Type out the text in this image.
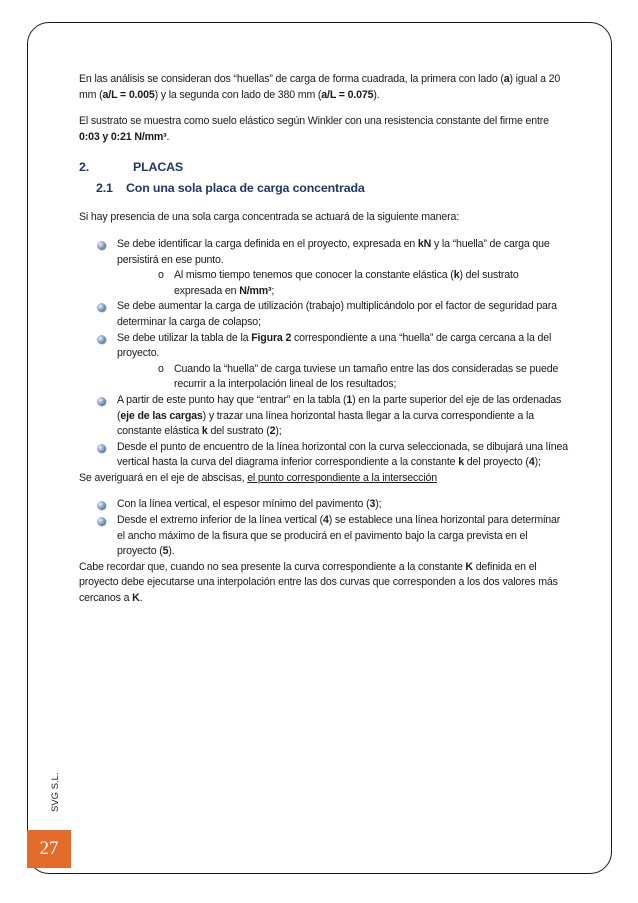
En las análisis se consideran dos “huellas” de carga de forma cuadrada, la primera con lado (a) igual a 20 mm (a/L = 0.005) y la segunda con lado de 380 mm (a/L = 0.075).

El sustrato se muestra como suelo elástico según Winkler con una resistencia constante del firme entre 0:03 y 0:21 N/mm³.

2.	PLACAS
2.1	Con una sola placa de carga concentrada

Si hay presencia de una sola carga concentrada se actuará de la siguiente manera:

Se debe identificar la carga definida en el proyecto, expresada en kN y la “huella” de carga que persistirá en ese punto.
o Al mismo tiempo tenemos que conocer la constante elástica (k) del sustrato expresada en N/mm³;
Se debe aumentar la carga de utilización (trabajo) multiplicándolo por el factor de seguridad para determinar la carga de colapso;
Se debe utilizar la tabla de la Figura 2 correspondiente a una “huella” de carga cercana a la del proyecto.
o Cuando la “huella” de carga tuviese un tamaño entre las dos consideradas se puede recurrir a la interpolación lineal de los resultados;
A partir de este punto hay que “entrar” en la tabla (1) en la parte superior del eje de las ordenadas (eje de las cargas) y trazar una línea horizontal hasta llegar a la curva correspondiente a la constante elástica k del sustrato (2);
Desde el punto de encuentro de la línea horizontal con la curva seleccionada, se dibujará una línea vertical hasta la curva del diagrama inferior correspondiente a la constante k del proyecto (4);

Se averiguará en el eje de abscisas, el punto correspondiente a la intersección

Con la línea vertical, el espesor mínimo del pavimento (3);
Desde el extremo inferior de la línea vertical (4) se establece una línea horizontal para determinar el ancho máximo de la fisura que se producirá en el pavimento bajo la carga prevista en el proyecto (5).

Cabe recordar que, cuando no sea presente la curva correspondiente a la constante K definida en el proyecto debe ejecutarse una interpolación entre las dos curvas que corresponden a los dos valores más cercanos a K.

SVG S.L.
27
